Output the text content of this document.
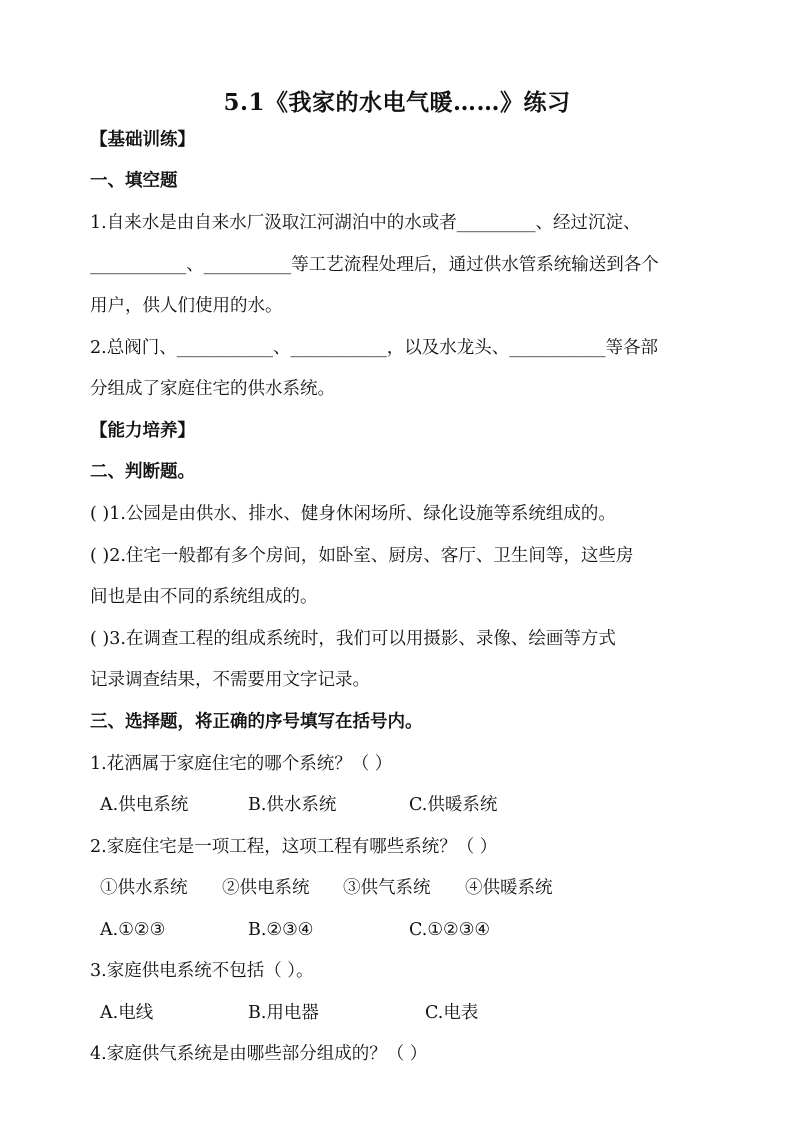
5.1《我家的水电气暖……》练习
【基础训练】
一、填空题
1.自来水是由自来水厂汲取江河湖泊中的水或者_________、经过沉淀、
___________、__________等工艺流程处理后，通过供水管系统输送到各个
用户，供人们使用的水。
2.总阀门、___________、___________，以及水龙头、___________等各部
分组成了家庭住宅的供水系统。
【能力培养】
二、判断题。
( )1.公园是由供水、排水、健身休闲场所、绿化设施等系统组成的。
( )2.住宅一般都有多个房间，如卧室、厨房、客厅、卫生间等，这些房
间也是由不同的系统组成的。
( )3.在调查工程的组成系统时，我们可以用摄影、录像、绘画等方式
记录调查结果，不需要用文字记录。
三、选择题，将正确的序号填写在括号内。
1.花洒属于家庭住宅的哪个系统？（ ）
A.供电系统	B.供水系统	C.供暖系统
2.家庭住宅是一项工程，这项工程有哪些系统？（ ）
①供水系统 ②供电系统 ③供气系统 ④供暖系统
A.①②③	B.②③④	C.①②③④
3.家庭供电系统不包括（ ）。
A.电线	B.用电器	C.电表
4.家庭供气系统是由哪些部分组成的？（ ）
